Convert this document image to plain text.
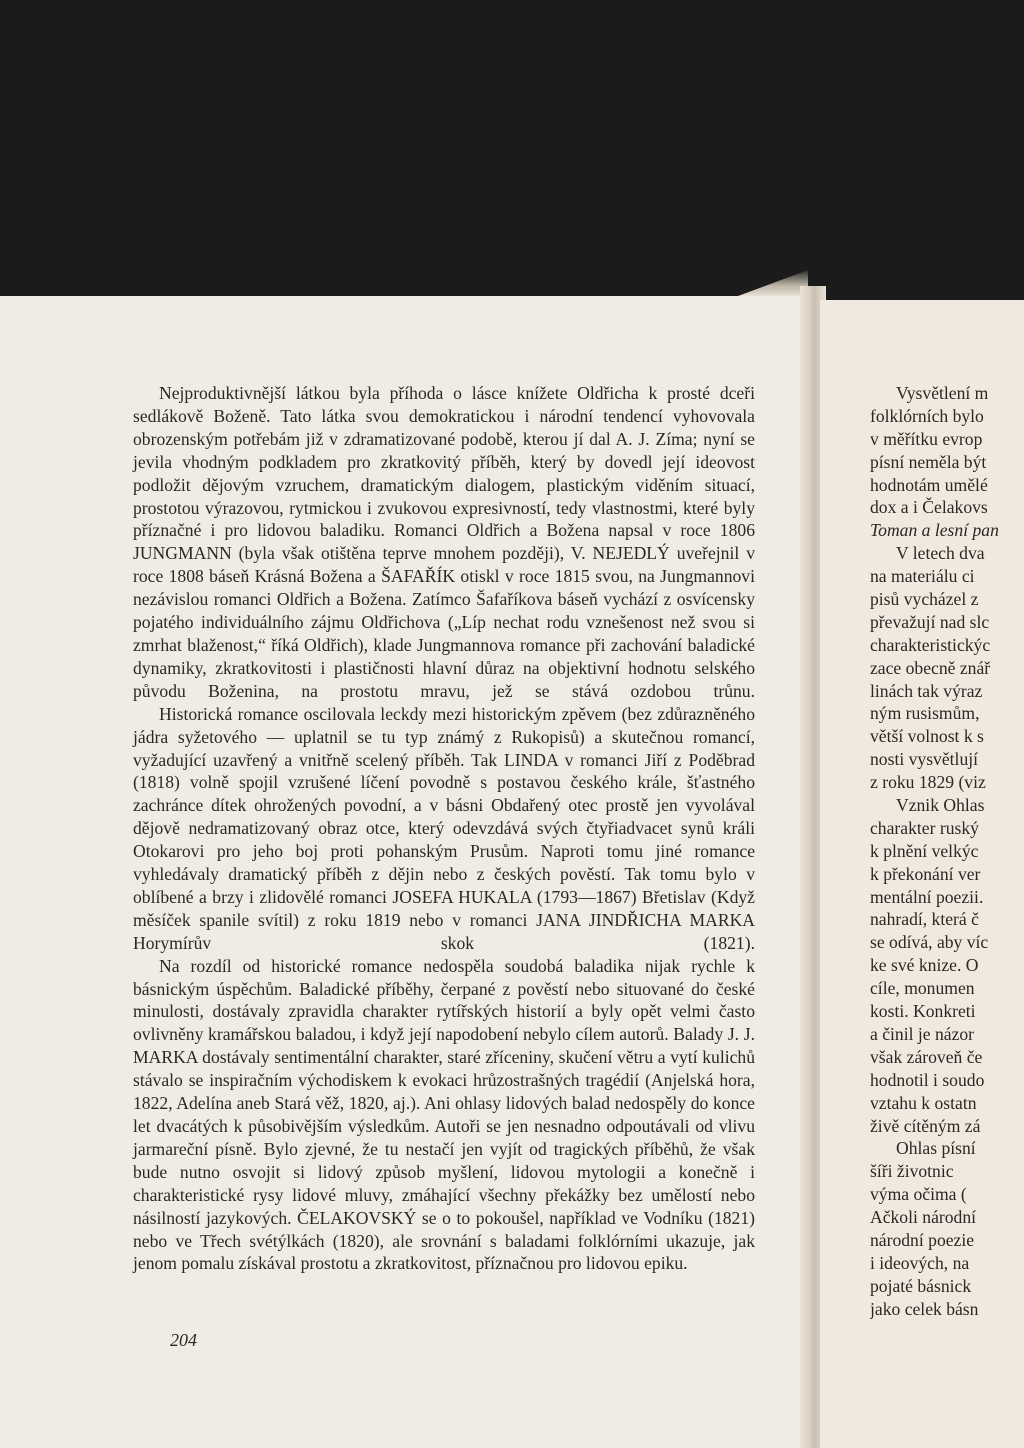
Nejproduktivnější látkou byla příhoda o lásce knížete Oldřicha k prosté dceři sedlákově Boženě. Tato látka svou demokratickou i národní tendencí vyhovovala obrozenským potřebám již v zdramatizované podobě, kterou jí dal A. J. Zíma; nyní se jevila vhodným podkladem pro zkratkovitý příběh, který by dovedl její ideovost podložit dějovým vzruchem, dramatickým dialogem, plastickým viděním situací, prostotou výrazovou, rytmickou i zvukovou expresivností, tedy vlastnostmi, které byly příznačné i pro lidovou baladiku. Romanci Oldřich a Božena napsal v roce 1806 JUNGMANN (byla však otištěna teprve mnohem později), V. NEJEDLÝ uveřejnil v roce 1808 báseň Krásná Božena a ŠAFAŘÍK otiskl v roce 1815 svou, na Jungmannovi nezávislou romanci Oldřich a Božena. Zatímco Šafaříkova báseň vychází z osvícensky pojatého individuálního zájmu Oldřichova („Líp nechat rodu vznešenost než svou si zmrhat blaženost,“ říká Oldřich), klade Jungmannova romance při zachování baladické dynamiky, zkratkovitosti i plastičnosti hlavní důraz na objektivní hodnotu selského původu Boženina, na prostotu mravu, jež se stává ozdobou trůnu.

Historická romance oscilovala leckdy mezi historickým zpěvem (bez zdůrazněného jádra syžetového — uplatnil se tu typ známý z Rukopisů) a skutečnou romancí, vyžadující uzavřený a vnitřně scelený příběh. Tak LINDA v romanci Jiří z Poděbrad (1818) volně spojil vzrušené líčení povodně s postavou českého krále, šťastného zachránce dítek ohrožených povodní, a v básni Obdařený otec prostě jen vyvolával dějově nedramatizovaný obraz otce, který odevzdává svých čtyřiadvacet synů králi Otokarovi pro jeho boj proti pohanským Prusům. Naproti tomu jiné romance vyhledávaly dramatický příběh z dějin nebo z českých pověstí. Tak tomu bylo v oblíbené a brzy i zlidovělé romanci JOSEFA HUKALA (1793—1867) Břetislav (Když měsíček spanile svítil) z roku 1819 nebo v romanci JANA JINDŘICHA MARKA Horymírův skok (1821).

Na rozdíl od historické romance nedospěla soudobá baladika nijak rychle k básnickým úspěchům. Baladické příběhy, čerpané z pověstí nebo situované do české minulosti, dostávaly zpravidla charakter rytířských historií a byly opět velmi často ovlivněny kramářskou baladou, i když její napodobení nebylo cílem autorů. Balady J. J. MARKA dostávaly sentimentální charakter, staré zříceniny, skučení větru a vytí kulichů stávalo se inspiračním východiskem k evokaci hrůzostrašných tragédií (Anjelská hora, 1822, Adelína aneb Stará věž, 1820, aj.). Ani ohlasy lidových balad nedospěly do konce let dvacátých k působivějším výsledkům. Autoři se jen nesnadno odpoutávali od vlivu jarmareční písně. Bylo zjevné, že tu nestačí jen vyjít od tragických příběhů, že však bude nutno osvojit si lidový způsob myšlení, lidovou mytologii a konečně i charakteristické rysy lidové mluvy, zmáhající všechny překážky bez umělostí nebo násilností jazykových. ČELAKOVSKÝ se o to pokoušel, například ve Vodníku (1821) nebo ve Třech svétýlkách (1820), ale srovnání s baladami folklórními ukazuje, jak jenom pomalu získával prostotu a zkratkovitost, příznačnou pro lidovou epiku.

204
Vysvětlení m
folklórních bylo
v měřítku evrop
písní neměla být
hodnotám umělé
dox a i Čelakovs
Toman a lesní pan
V letech dva
na materiálu ci
pisů vycházel z
převažují nad slc
charakteristickýc
zace obecně znář
linách tak výraz
ným rusismům,
větší volnost k s
nosti vysvětlují
z roku 1829 (viz
Vznik Ohlas
charakter ruský
k plnění velkýc
k překonání ver
mentální poezii.
nahradí, která č
se odívá, aby víc
ke své knize. O
cíle, monumen
kosti. Konkreti
a činil je názor
však zároveň če
hodnotil i soudo
vztahu k ostatn
živě cítěným zá
Ohlas písní
šíři životnic
výma očima (
Ačkoli národní
národní poezie
i ideových, na
pojaté básnick
jako celek básn
